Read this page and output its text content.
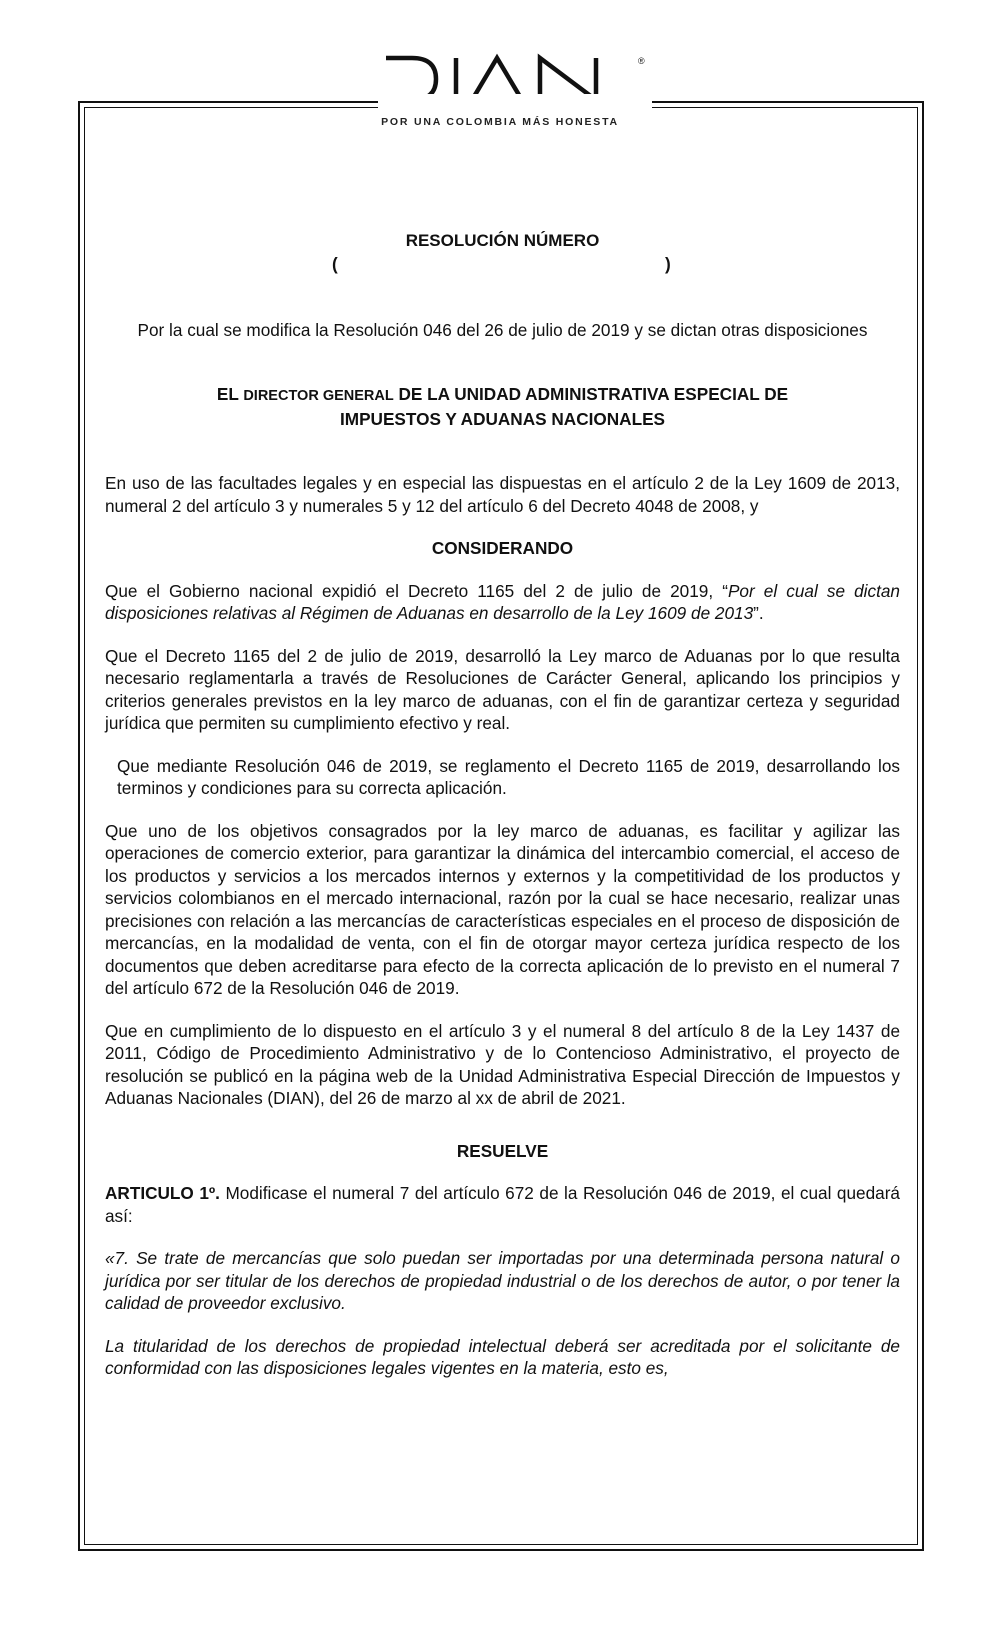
®
POR UNA COLOMBIA MÁS HONESTA
RESOLUCIÓN NÚMERO
(	)

Por la cual se modifica la Resolución 046 del 26 de julio de 2019 y se dictan otras disposiciones

EL DIRECTOR GENERAL DE LA UNIDAD ADMINISTRATIVA ESPECIAL DE

IMPUESTOS Y ADUANAS NACIONALES

En uso de las facultades legales y en especial las dispuestas en el artículo 2 de la Ley 1609 de 2013, numeral 2 del artículo 3 y numerales 5 y 12 del artículo 6 del Decreto 4048 de 2008, y

CONSIDERANDO

Que el Gobierno nacional expidió el Decreto 1165 del 2 de julio de 2019, “Por el cual se dictan disposiciones relativas al Régimen de Aduanas en desarrollo de la Ley 1609 de 2013”.

Que el Decreto 1165 del 2 de julio de 2019, desarrolló la Ley marco de Aduanas por lo que resulta necesario reglamentarla a través de Resoluciones de Carácter General, aplicando los principios y criterios generales previstos en la ley marco de aduanas, con el fin de garantizar certeza y seguridad jurídica que permiten su cumplimiento efectivo y real.

Que mediante Resolución 046 de 2019, se reglamento el Decreto 1165 de 2019, desarrollando los terminos y condiciones para su correcta aplicación.

Que uno de los objetivos consagrados por la ley marco de aduanas, es facilitar y agilizar las operaciones de comercio exterior, para garantizar la dinámica del intercambio comercial, el acceso de los productos y servicios a los mercados internos y externos y la competitividad de los productos y servicios colombianos en el mercado internacional, razón por la cual se hace necesario, realizar unas precisiones con relación a las mercancías de características especiales en el proceso de disposición de mercancías, en la modalidad de venta, con el fin de otorgar mayor certeza jurídica respecto de los documentos que deben acreditarse para efecto de la correcta aplicación de lo previsto en el numeral 7 del artículo 672 de la Resolución 046 de 2019.

Que en cumplimiento de lo dispuesto en el artículo 3 y el numeral 8 del artículo 8 de la Ley 1437 de 2011, Código de Procedimiento Administrativo y de lo Contencioso Administrativo, el proyecto de resolución se publicó en la página web de la Unidad Administrativa Especial Dirección de Impuestos y Aduanas Nacionales (DIAN), del 26 de marzo al xx de abril de 2021.

RESUELVE

ARTICULO 1º. Modificase el numeral 7 del artículo 672 de la Resolución 046 de 2019, el cual quedará así:

«7. Se trate de mercancías que solo puedan ser importadas por una determinada persona natural o jurídica por ser titular de los derechos de propiedad industrial o de los derechos de autor, o por tener la calidad de proveedor exclusivo.

La titularidad de los derechos de propiedad intelectual deberá ser acreditada por el solicitante de conformidad con las disposiciones legales vigentes en la materia, esto es,
